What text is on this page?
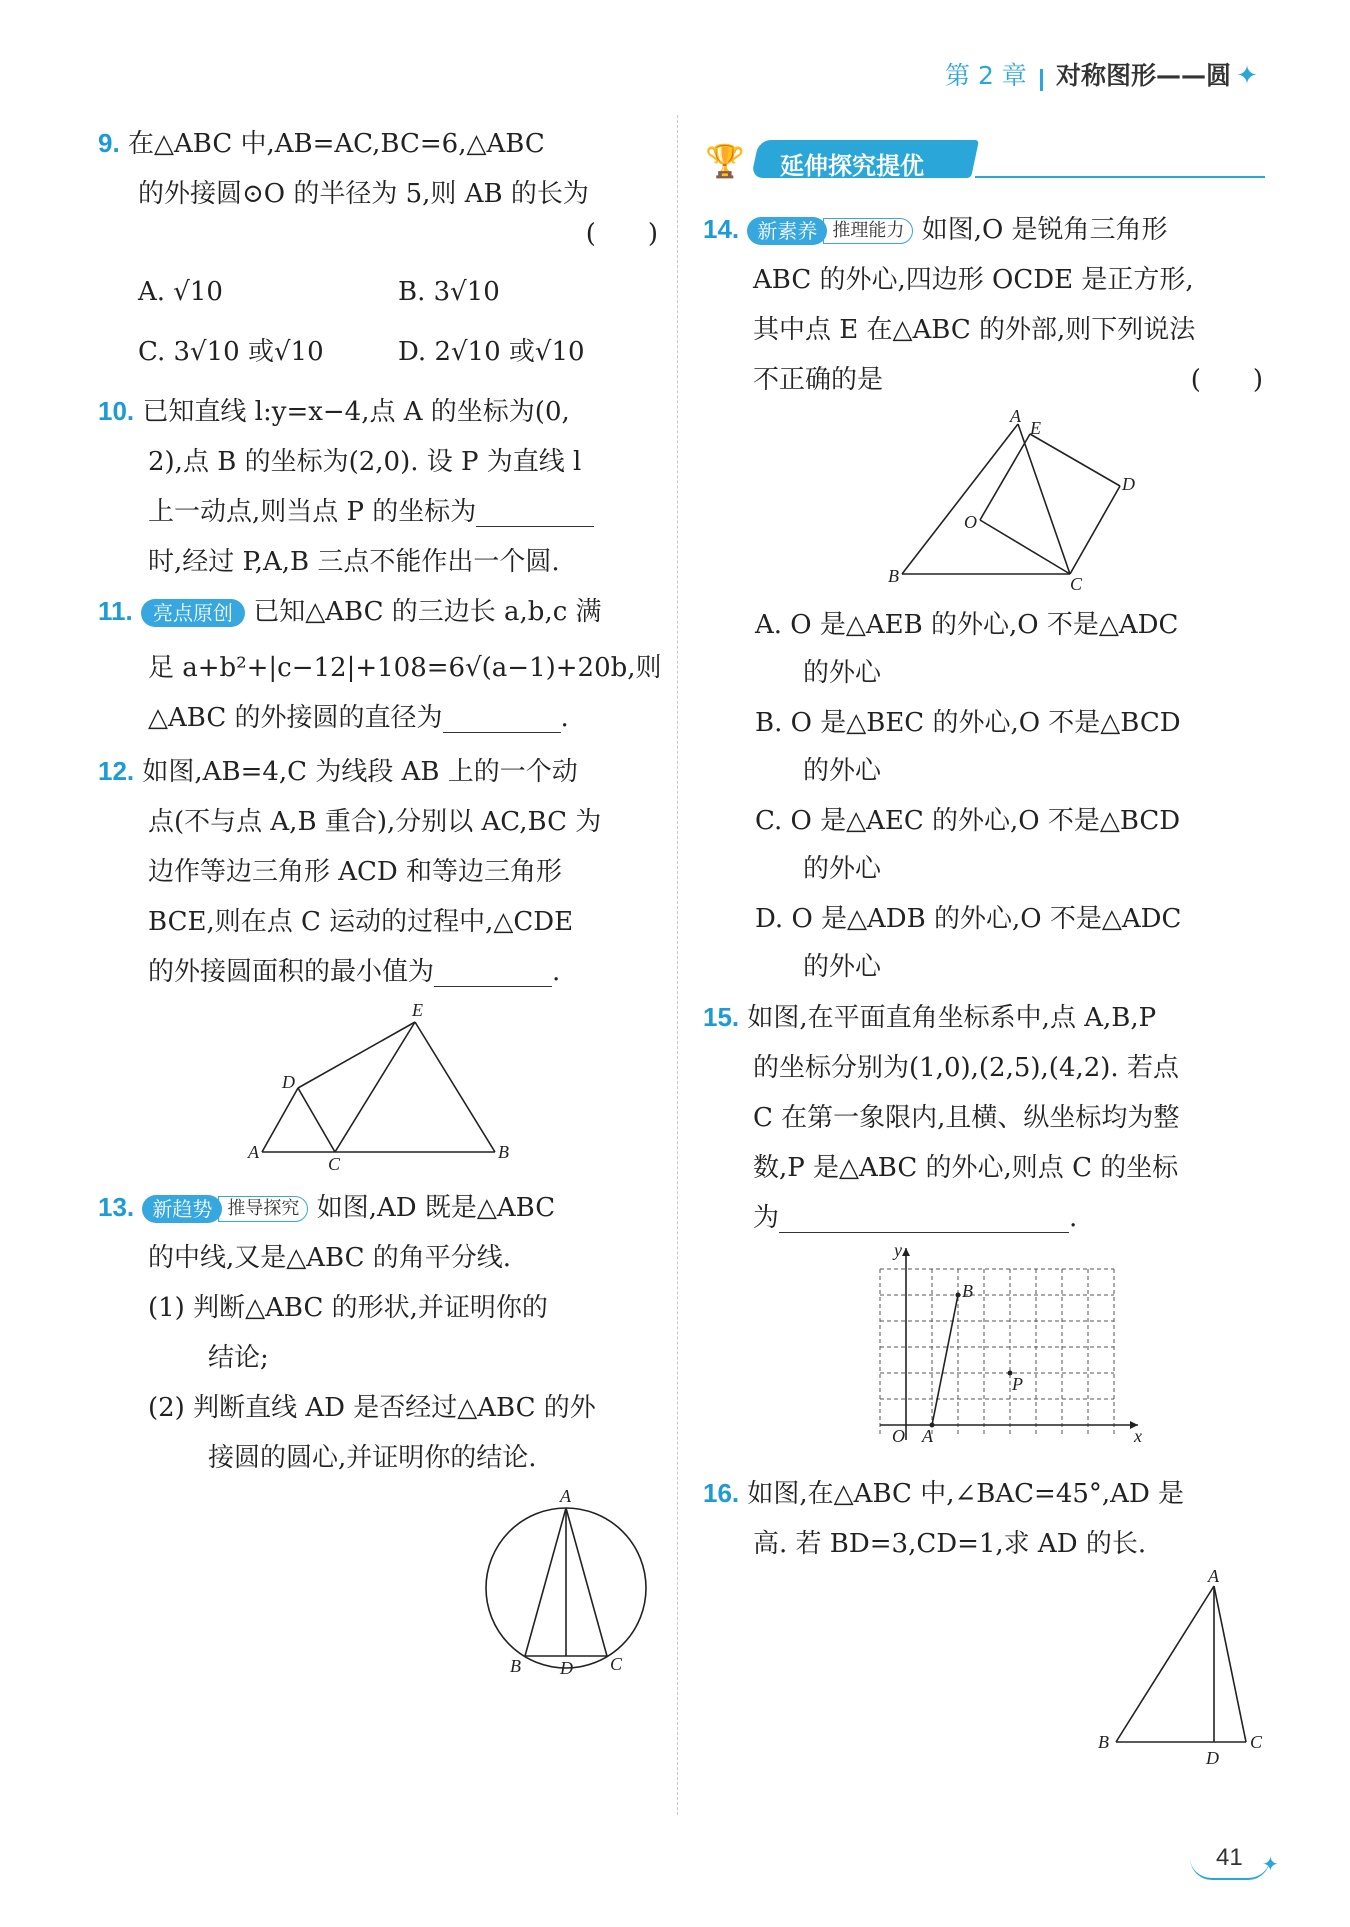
第 2 章 对称图形——圆 ✦
9. 在△ABC 中,AB=AC,BC=6,△ABC
的外接圆⊙O 的半径为 5,则 AB 的长为
(　　)
A. √10	B. 3√10
C. 3√10 或√10	D. 2√10 或√10
10. 已知直线 l:y=x−4,点 A 的坐标为(0,
2),点 B 的坐标为(2,0). 设 P 为直线 l
上一动点,则当点 P 的坐标为
时,经过 P,A,B 三点不能作出一个圆.
11. 亮点原创 已知△ABC 的三边长 a,b,c 满
足 a+b²+|c−12|+108=6√(a−1)+20b,则
△ABC 的外接圆的直径为	.
12. 如图,AB=4,C 为线段 AB 上的一个动
点(不与点 A,B 重合),分别以 AC,BC 为
边作等边三角形 ACD 和等边三角形
BCE,则在点 C 运动的过程中,△CDE
的外接圆面积的最小值为	.
A	B
C
D
E
13. 新趋势 推导探究 如图,AD 既是△ABC
的中线,又是△ABC 的角平分线.
(1) 判断△ABC 的形状,并证明你的
结论;
(2) 判断直线 AD 是否经过△ABC 的外
接圆的圆心,并证明你的结论.
A
B	C
D
🏆 延伸探究提优
14. 新素养 推理能力 如图,O 是锐角三角形
ABC 的外心,四边形 OCDE 是正方形,
其中点 E 在△ABC 的外部,则下列说法
不正确的是	(　　)
A
E
D
O
B	C
A. O 是△AEB 的外心,O 不是△ADC
的外心
B. O 是△BEC 的外心,O 不是△BCD
的外心
C. O 是△AEC 的外心,O 不是△BCD
的外心
D. O 是△ADB 的外心,O 不是△ADC
的外心
15. 如图,在平面直角坐标系中,点 A,B,P
的坐标分别为(1,0),(2,5),(4,2). 若点
C 在第一象限内,且横、纵坐标均为整
数,P 是△ABC 的外心,则点 C 的坐标
为	.
y
x
O A
B
P
16. 如图,在△ABC 中,∠BAC=45°,AD 是
高. 若 BD=3,CD=1,求 AD 的长.
A
B	C
D
41 ✦
